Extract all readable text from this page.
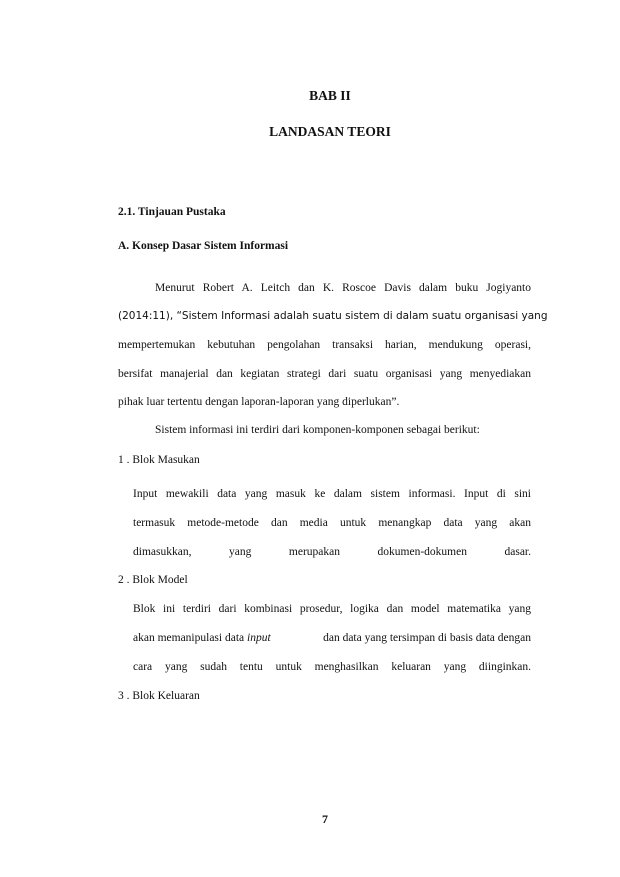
BAB II
LANDASAN TEORI
2.1. Tinjauan Pustaka
A. Konsep Dasar Sistem Informasi
Menurut Robert A. Leitch dan K. Roscoe Davis dalam buku Jogiyanto
(2014:11), “Sistem Informasi adalah suatu sistem di dalam suatu organisasi yang
mempertemukan kebutuhan pengolahan transaksi harian, mendukung operasi,
bersifat manajerial dan kegiatan strategi dari suatu organisasi yang menyediakan
pihak luar tertentu dengan laporan-laporan yang diperlukan”.
Sistem informasi ini terdiri dari komponen-komponen sebagai berikut:
1 . Blok Masukan
Input mewakili data yang masuk ke dalam sistem informasi. Input di sini
termasuk metode-metode dan media untuk menangkap data yang akan
dimasukkan, yang merupakan dokumen-dokumen dasar.
2 . Blok Model
Blok ini terdiri dari kombinasi prosedur, logika dan model matematika yang
akan memanipulasi data input	dan data yang tersimpan di basis data dengan
cara yang sudah tentu untuk menghasilkan keluaran yang diinginkan.
3 . Blok Keluaran
7
